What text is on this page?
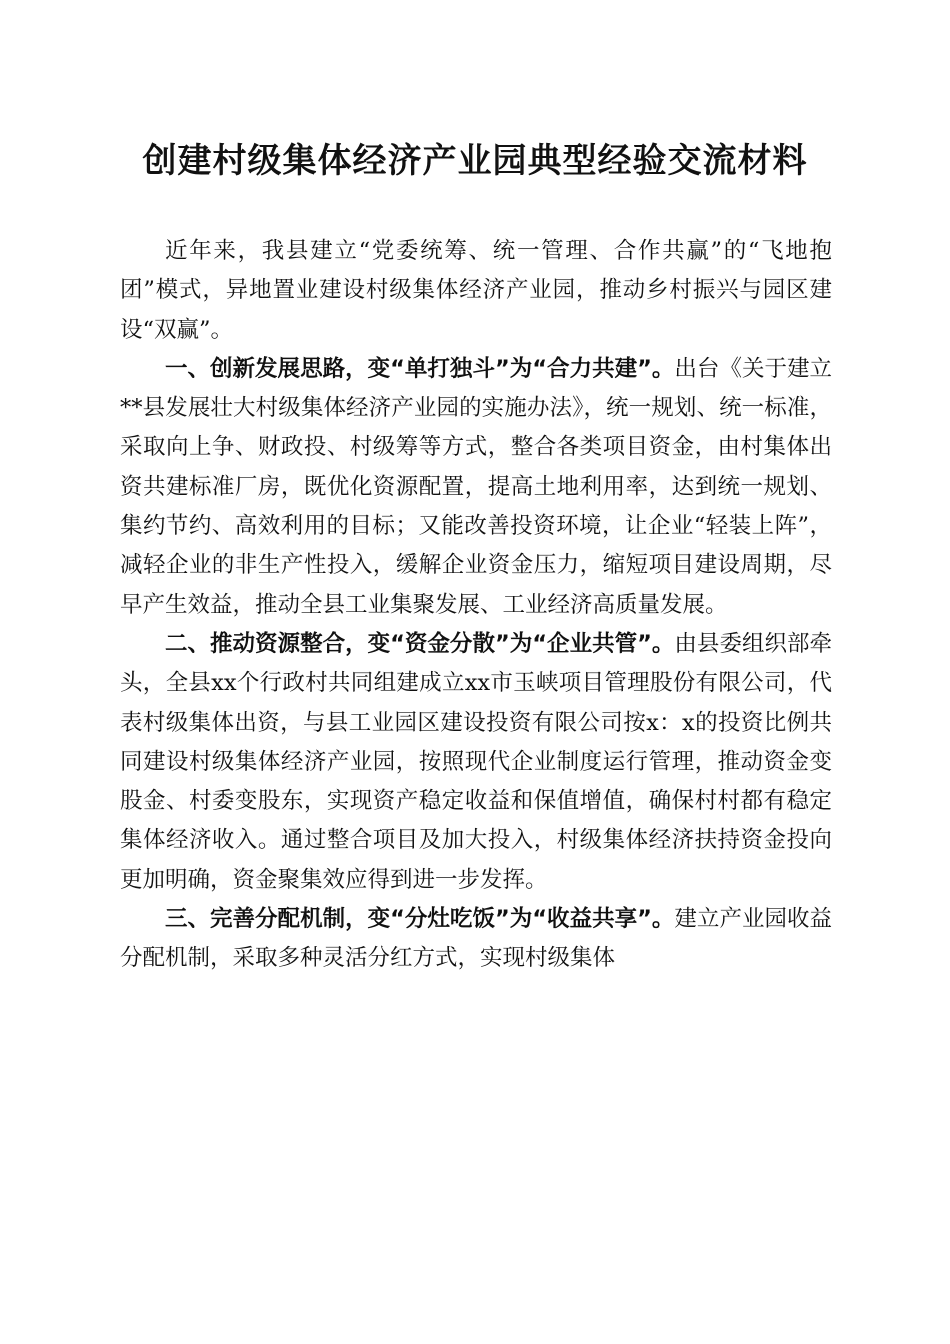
创建村级集体经济产业园典型经验交流材料

近年来，我县建立“党委统筹、统一管理、合作共赢”的“飞地抱团”模式，异地置业建设村级集体经济产业园，推动乡村振兴与园区建设“双赢”。

一、创新发展思路，变“单打独斗”为“合力共建”。出台《关于建立**县发展壮大村级集体经济产业园的实施办法》，统一规划、统一标准，采取向上争、财政投、村级筹等方式，整合各类项目资金，由村集体出资共建标准厂房，既优化资源配置，提高土地利用率，达到统一规划、集约节约、高效利用的目标；又能改善投资环境，让企业“轻装上阵”，减轻企业的非生产性投入，缓解企业资金压力，缩短项目建设周期，尽早产生效益，推动全县工业集聚发展、工业经济高质量发展。

二、推动资源整合，变“资金分散”为“企业共管”。由县委组织部牵头，全县xx个行政村共同组建成立xx市玉峡项目管理股份有限公司，代表村级集体出资，与县工业园区建设投资有限公司按x：x的投资比例共同建设村级集体经济产业园，按照现代企业制度运行管理，推动资金变股金、村委变股东，实现资产稳定收益和保值增值，确保村村都有稳定集体经济收入。通过整合项目及加大投入，村级集体经济扶持资金投向更加明确，资金聚集效应得到进一步发挥。

三、完善分配机制，变“分灶吃饭”为“收益共享”。建立产业园收益分配机制，采取多种灵活分红方式，实现村级集体
